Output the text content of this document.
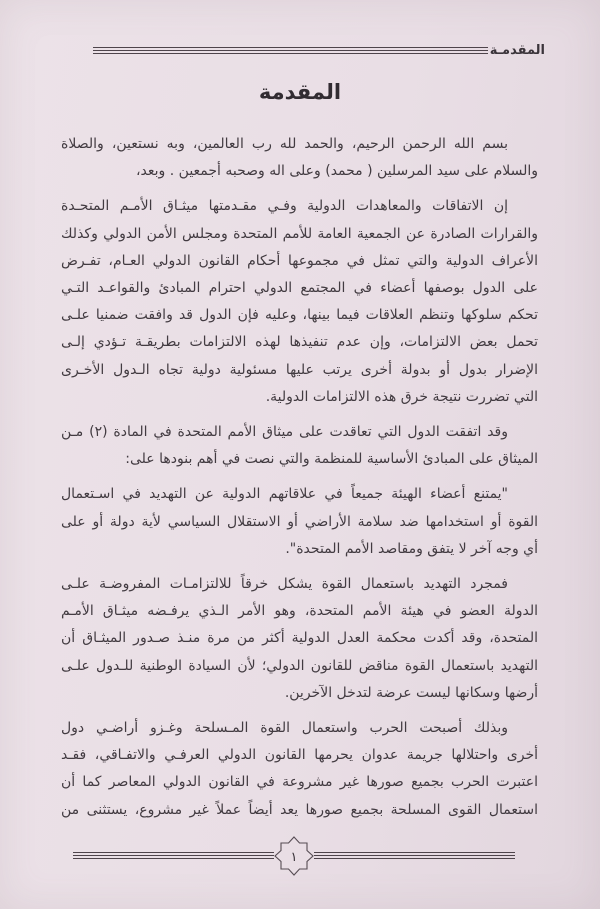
المقدمـة
المقدمة
بسم الله الرحمن الرحيم، والحمد لله رب العالمين، وبه نستعين، والصلاة
والسلام على سيد المرسلين ( محمد) وعلى اله وصحبه أجمعين . وبعد،
إن الاتفاقات والمعاهدات الدولية وفـي مقـدمتها ميثـاق الأمـم المتحـدة
والقرارات الصادرة عن الجمعية العامة للأمم المتحدة ومجلس الأمن الدولي وكذلك
الأعراف الدولية والتي تمثل في مجموعها أحكام القانون الدولي العـام، تفـرض
على الدول بوصفها أعضاء في المجتمع الدولي احترام المبادئ والقواعـد التـي
تحكم سلوكها وتنظم العلاقات فيما بينها، وعليه فإن الدول قد وافقت ضمنيا علـى
تحمل بعض الالتزامات، وإن عدم تنفيذها لهذه الالتزامات بطريقـة تـؤدي إلـى
الإضرار بدول أو بدولة أخرى يرتب عليها مسئولية دولية تجاه الـدول الأخـرى
التي تضررت نتيجة خرق هذه الالتزامات الدولية.
وقد اتفقت الدول التي تعاقدت على ميثاق الأمم المتحدة في المادة (٢) مـن
الميثاق على المبادئ الأساسية للمنظمة والتي نصت في أهم بنودها على:
"يمتنع أعضاء الهيئة جميعاً في علاقاتهم الدولية عن التهديد في اسـتعمال
القوة أو استخدامها ضد سلامة الأراضي أو الاستقلال السياسي لأية دولة أو على
أي وجه آخر لا يتفق ومقاصد الأمم المتحدة".
فمجرد التهديد باستعمال القوة يشكل خرقاً للالتزامـات المفروضـة علـى
الدولة العضو في هيئة الأمم المتحدة، وهو الأمر الـذي يرفـضه ميثـاق الأمـم
المتحدة، وقد أكدت محكمة العدل الدولية أكثر من مرة منـذ صـدور الميثـاق أن
التهديد باستعمال القوة مناقض للقانون الدولي؛ لأن السيادة الوطنية للـدول علـى
أرضها وسكانها ليست عرضة لتدخل الآخرين.
وبذلك أصبحت الحرب واستعمال القوة المـسلحة وغـزو أراضـي دول
أخرى واحتلالها جريمة عدوان يحرمها القانون الدولي العرفـي والاتفـاقي، فقـد
اعتبرت الحرب بجميع صورها غير مشروعة في القانون الدولي المعاصر كما أن
استعمال القوى المسلحة بجميع صورها يعد أيضاً عملاً غير مشروع، يستثنى من
١
